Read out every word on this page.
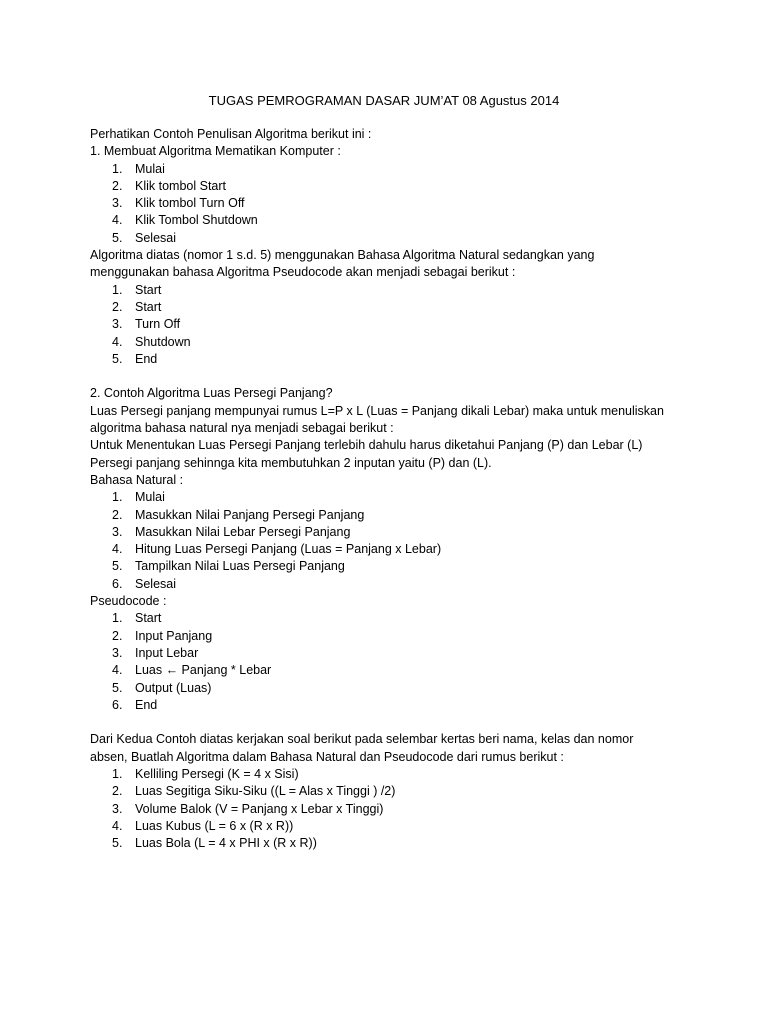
TUGAS PEMROGRAMAN DASAR JUM’AT 08 Agustus 2014
Perhatikan Contoh Penulisan Algoritma berikut ini :
1. Membuat Algoritma Mematikan Komputer :
1. Mulai
2. Klik tombol Start
3. Klik tombol Turn Off
4. Klik Tombol Shutdown
5. Selesai
Algoritma diatas (nomor 1 s.d. 5) menggunakan Bahasa Algoritma Natural sedangkan yang
menggunakan bahasa Algoritma Pseudocode akan menjadi sebagai berikut :
1. Start
2. Start
3. Turn Off
4. Shutdown
5. End
2. Contoh Algoritma Luas Persegi Panjang?
Luas Persegi panjang mempunyai rumus L=P x L (Luas = Panjang dikali Lebar) maka untuk menuliskan
algoritma bahasa natural nya menjadi sebagai berikut :
Untuk Menentukan Luas Persegi Panjang terlebih dahulu harus diketahui Panjang (P) dan Lebar (L)
Persegi panjang sehinnga kita membutuhkan 2 inputan yaitu (P) dan (L).
Bahasa Natural :
1. Mulai
2. Masukkan Nilai Panjang Persegi Panjang
3. Masukkan Nilai Lebar Persegi Panjang
4. Hitung Luas Persegi Panjang (Luas = Panjang x Lebar)
5. Tampilkan Nilai Luas Persegi Panjang
6. Selesai
Pseudocode :
1. Start
2. Input Panjang
3. Input Lebar
4. Luas ← Panjang * Lebar
5. Output (Luas)
6. End
Dari Kedua Contoh diatas kerjakan soal berikut pada selembar kertas beri nama, kelas dan nomor
absen, Buatlah Algoritma dalam Bahasa Natural dan Pseudocode dari rumus berikut :
1. Kelliling Persegi (K = 4 x Sisi)
2. Luas Segitiga Siku-Siku ((L = Alas x Tinggi ) /2)
3. Volume Balok (V = Panjang x Lebar x Tinggi)
4. Luas Kubus (L = 6 x (R x R))
5. Luas Bola (L = 4 x PHI x (R x R))
